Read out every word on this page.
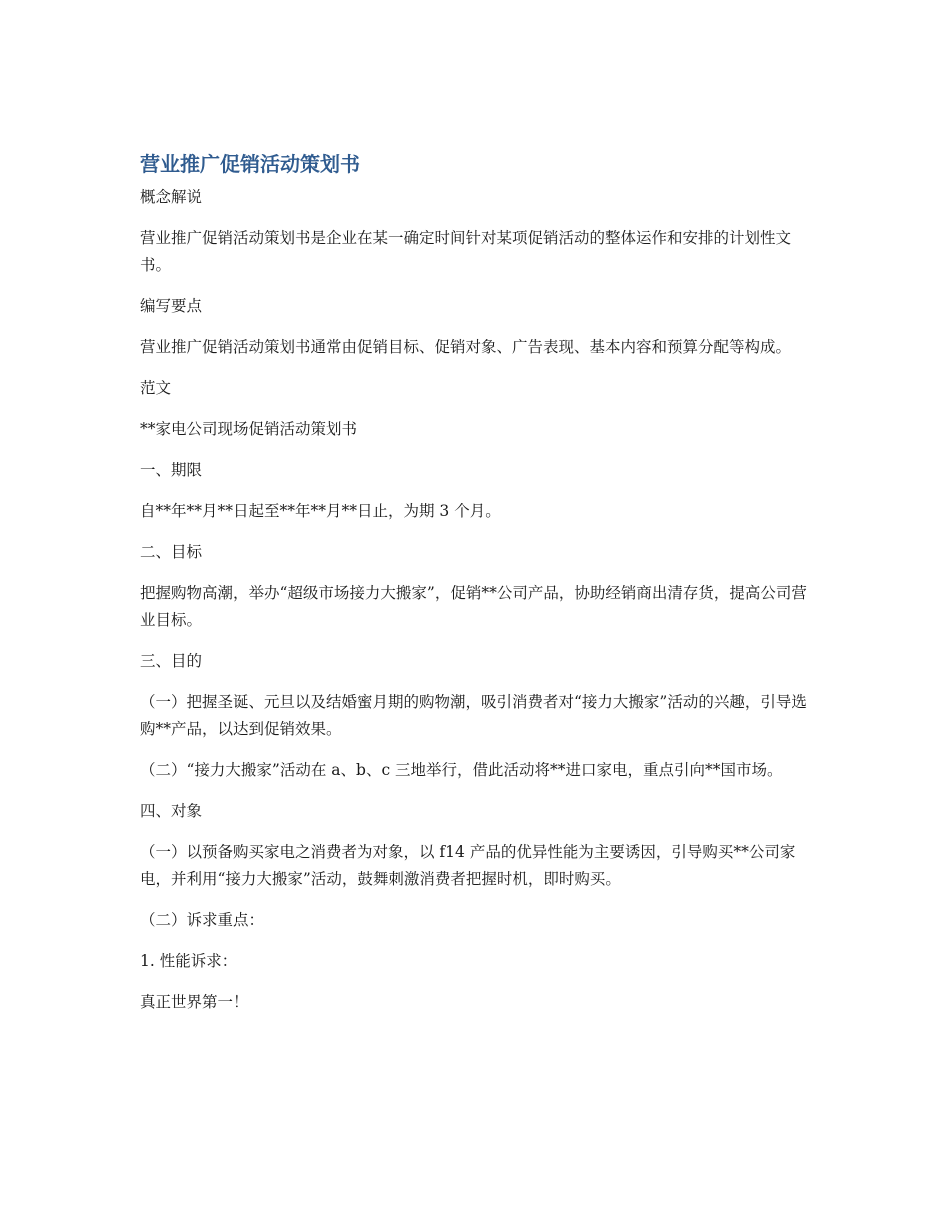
营业推广促销活动策划书

概念解说

营业推广促销活动策划书是企业在某一确定时间针对某项促销活动的整体运作和安排的计划性文书。

编写要点

营业推广促销活动策划书通常由促销目标、促销对象、广告表现、基本内容和预算分配等构成。

范文

**家电公司现场促销活动策划书

一、期限

自**年**月**日起至**年**月**日止，为期 3 个月。

二、目标

把握购物高潮，举办“超级市场接力大搬家”，促销**公司产品，协助经销商出清存货，提高公司营业目标。

三、目的

（一）把握圣诞、元旦以及结婚蜜月期的购物潮，吸引消费者对“接力大搬家”活动的兴趣，引导选购**产品，以达到促销效果。

（二）“接力大搬家”活动在 a、b、c 三地举行，借此活动将**进口家电，重点引向**国市场。

四、对象

（一）以预备购买家电之消费者为对象，以 f14 产品的优异性能为主要诱因，引导购买**公司家电，并利用“接力大搬家”活动，鼓舞刺激消费者把握时机，即时购买。

（二）诉求重点：

1. 性能诉求：

真正世界第一！
